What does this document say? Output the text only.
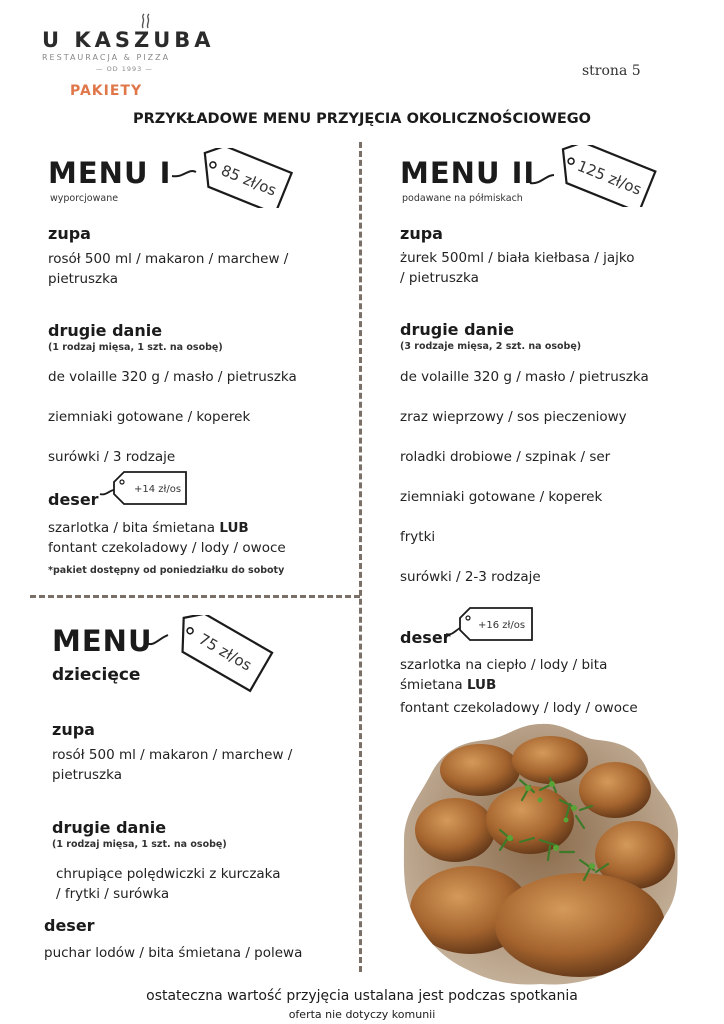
U KASZUBA
RESTAURACJA & PIZZA
— OD 1993 —
PAKIETY
strona 5
PRZYKŁADOWE MENU PRZYJĘCIA OKOLICZNOŚCIOWEGO
MENU I
wyporcjowane	85 zł/os
zupa
rosół 500 ml / makaron / marchew /
pietruszka
drugie danie
(1 rodzaj mięsa, 1 szt. na osobę)
de volaille 320 g / masło / pietruszka
ziemniaki gotowane / koperek
surówki / 3 rodzaje
deser
+14 zł/os
szarlotka / bita śmietana LUB
fontant czekoladowy / lody / owoce
*pakiet dostępny od poniedziałku do soboty
MENU II
podawane na półmiskach	125 zł/os
zupa
żurek 500ml / biała kiełbasa / jajko
/ pietruszka
drugie danie
(3 rodzaje mięsa, 2 szt. na osobę)
de volaille 320 g / masło / pietruszka
zraz wieprzowy / sos pieczeniowy
roladki drobiowe / szpinak / ser
ziemniaki gotowane / koperek
frytki
surówki / 2-3 rodzaje
deser
+16 zł/os
szarlotka na ciepło / lody / bita
śmietana LUB
fontant czekoladowy / lody / owoce
MENU
dziecięce
75 zł/os
zupa
rosół 500 ml / makaron / marchew /
pietruszka
drugie danie
(1 rodzaj mięsa, 1 szt. na osobę)
chrupiące polędwiczki z kurczaka
/ frytki / surówka
deser
puchar lodów / bita śmietana / polewa
ostateczna wartość przyjęcia ustalana jest podczas spotkania
oferta nie dotyczy komunii
